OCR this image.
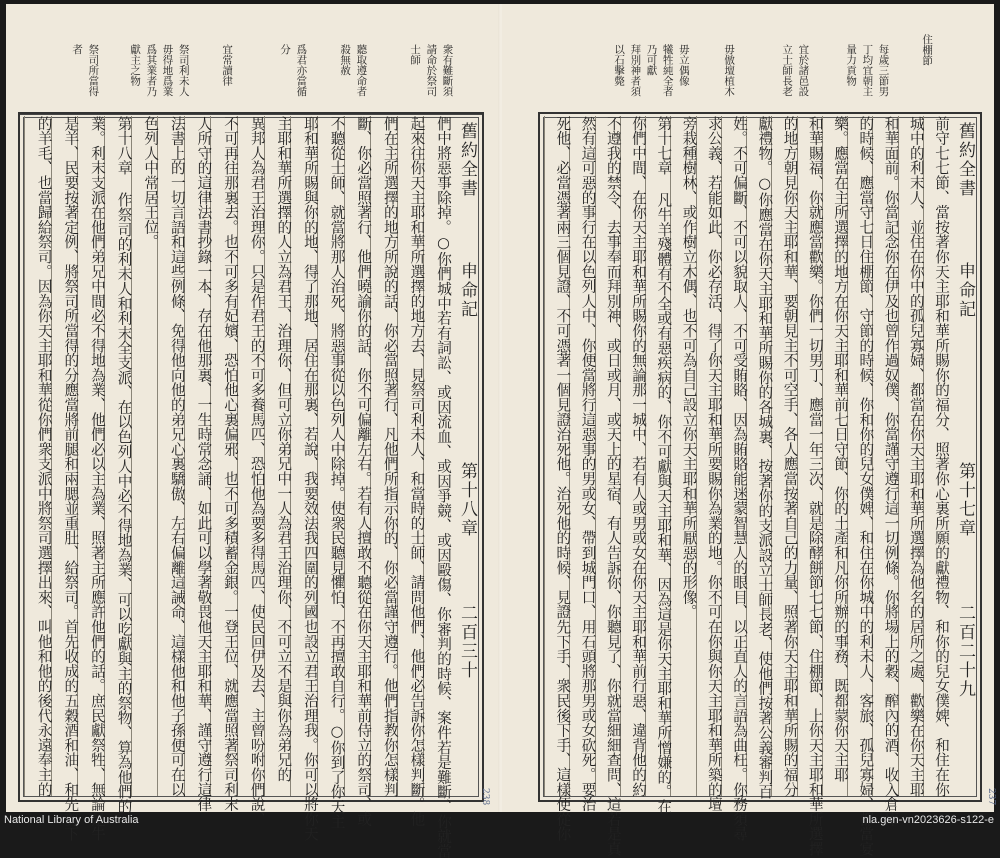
衆有難斷須
請命於祭司
士師
聽取遵命者
殺無赦
爲君亦當循
分
宜常讀律
祭司利未人
毋得地爲業
爲其業者乃
獻主之物
祭司所當得
者
舊約全書
申命記
第十八章
二百三十
們中將惡事除掉。○你們城中若有詞訟、或因流血、或因爭競、或因毆傷、你審判的時候、案件若是難斷、你就當
起來往你天主耶和華所選擇的地方去、見祭司利未人、和當時的士師、請問他們、他們必告訴你怎樣判斷。他
們在主所選擇的地方所說的話、你必當照著行、凡他們所指示你的、你必當謹守遵行。他們指教你怎樣判
斷、你必當照著行、他們曉諭你的話、你不可偏離左右。若有人擅敢不聽從在你天主耶和華前侍立的祭司、或
不聽從士師、就當將那人治死、將惡事從以色列人中除掉。使衆民聽見懼怕、不再擅敢自行。○你到了你天主
耶和華所賜與你的地、得了那地、居住在那裏、若說、我要效法我四圍的列國也設立君王治理我。你可以將你天
主耶和華所選擇的人立為君王、治理你、但可立你弟兄中一人為君王治理你、不可立不是與你為弟兄的
異邦人為君王治理你。只是作君王的不可多養馬匹、恐怕他為要多得馬匹、使民回伊及去、主曾吩咐你們說、
不可再往那裏去。也不可多有妃嬪、恐怕他心裏偏邪、也不可多積蓄金銀。一登王位、就應當照著祭司利末
人所守的這律法書抄錄一本、存在他那裏、一生時常念誦、如此可以學著敬畏他天主耶和華、謹守遵行這律
法書上的一切言語和這些例條、免得他向他的弟兄心裏驕傲、左右偏離這誡命、這樣他和他子孫便可在以
色列人中常居王位。
第十八章 作祭司的利未人和利末全支派、在以色列人中必不得地為業、可以吃獻與主的祭物、算為他們的
業。利末支派在他們弟兄中間必不得地為業、他們必以主為業、照著主所應許他們的話。庶民獻祭牲、無論是牛
是羊、民要按著定例、將祭司所當得的分應當將前腿和兩腮並重肚、給祭司。首先收成的五穀酒和油、和先剪下
的羊毛、也當歸給祭司。因為你天主耶和華從你們衆支派中將祭司選擇出來、叫他和他的後代永遠奉主的	238
住棚節
每歲三節男
丁均宜朝主
量力貢物
宜於諸邑設
立士師長老
毋倣壇植木
毋立偶像
犧牲純全者
乃可獻
拜別神者須
以石擊斃
舊約全書
申命記
第十七章
二百二十九
前守七七節、當按著你天主耶和華所賜你的福分、照著你心裏所願的獻禮物、和你的兒女僕婢、和住在你
城中的利末人、並住在你中的孤兒寡婦、都當在你天主耶和華所選擇為他名的居所之處、歡樂在你天主耶
和華面前。你當記念你在伊及也曾作過奴僕、你當謹守遵行這一切例條。你將場上的穀、醡內的酒、收入倉庫
的時候、應當守七日住棚節、守節的時候、你和你的兒女僕婢、和住在你城中的利未人、客旅、孤兒寡婦、都當宴
樂。應當在主所選擇的地方在你天主耶和華前七日守節、你的土產和凡你所辦的事務、既都蒙你天主耶
和華賜福、你就應當歡樂。你們一切男丁、應當一年三次、就是除酵餅節七七節、住棚節、上你天主耶和華所選擇
的地方朝見你天主耶和華、要朝見主不可空手、各人應當按著自己的力量、照著你天主耶和華所賜的福分
獻禮物。○你應當在你天主耶和華所賜你的各城裏、按著你的支派設立士師長老、使他們按著公義審判百
姓。不可偏斷、不可以貌取人、不可受賄賂、因為賄賂能迷蒙智慧人的眼目、以正直人的言語為曲枉。你務須尋
求公義、若能如此、你必存活、得了你天主耶和華所要賜你為業的地。你不可在你與你天主耶和華所築的壇
旁栽種樹林、或作樹立木偶、也不可為自己設立你天主耶和華所厭惡的形像。
第十七章 凡牛羊殘體有不全或有惡疾病的、你不可獻與天主耶和華、因為這是你天主耶和華所憎嫌的。在
你們中間、在你天主耶和華所賜你的無論那一城中、若有人或男或女在你天主耶和華前行惡、違背他的約
不遵我的禁令、去事奉而拜別神、或日或月、或天上的星宿、有人告訴你、你聽見了、你就當細細查問、這若是真
然有這可惡的事行在以色列人中、你便當將行這惡事的男或女、帶到城門口、用石頭將那男或女砍死。要治
死他、必當憑著兩三個見證、不可憑著一個見證治死他。治死他的時候、見證先下手、衆民後下手、這樣便從你	237
National Library of Australia	nla.gen-vn2023626-s122-e
